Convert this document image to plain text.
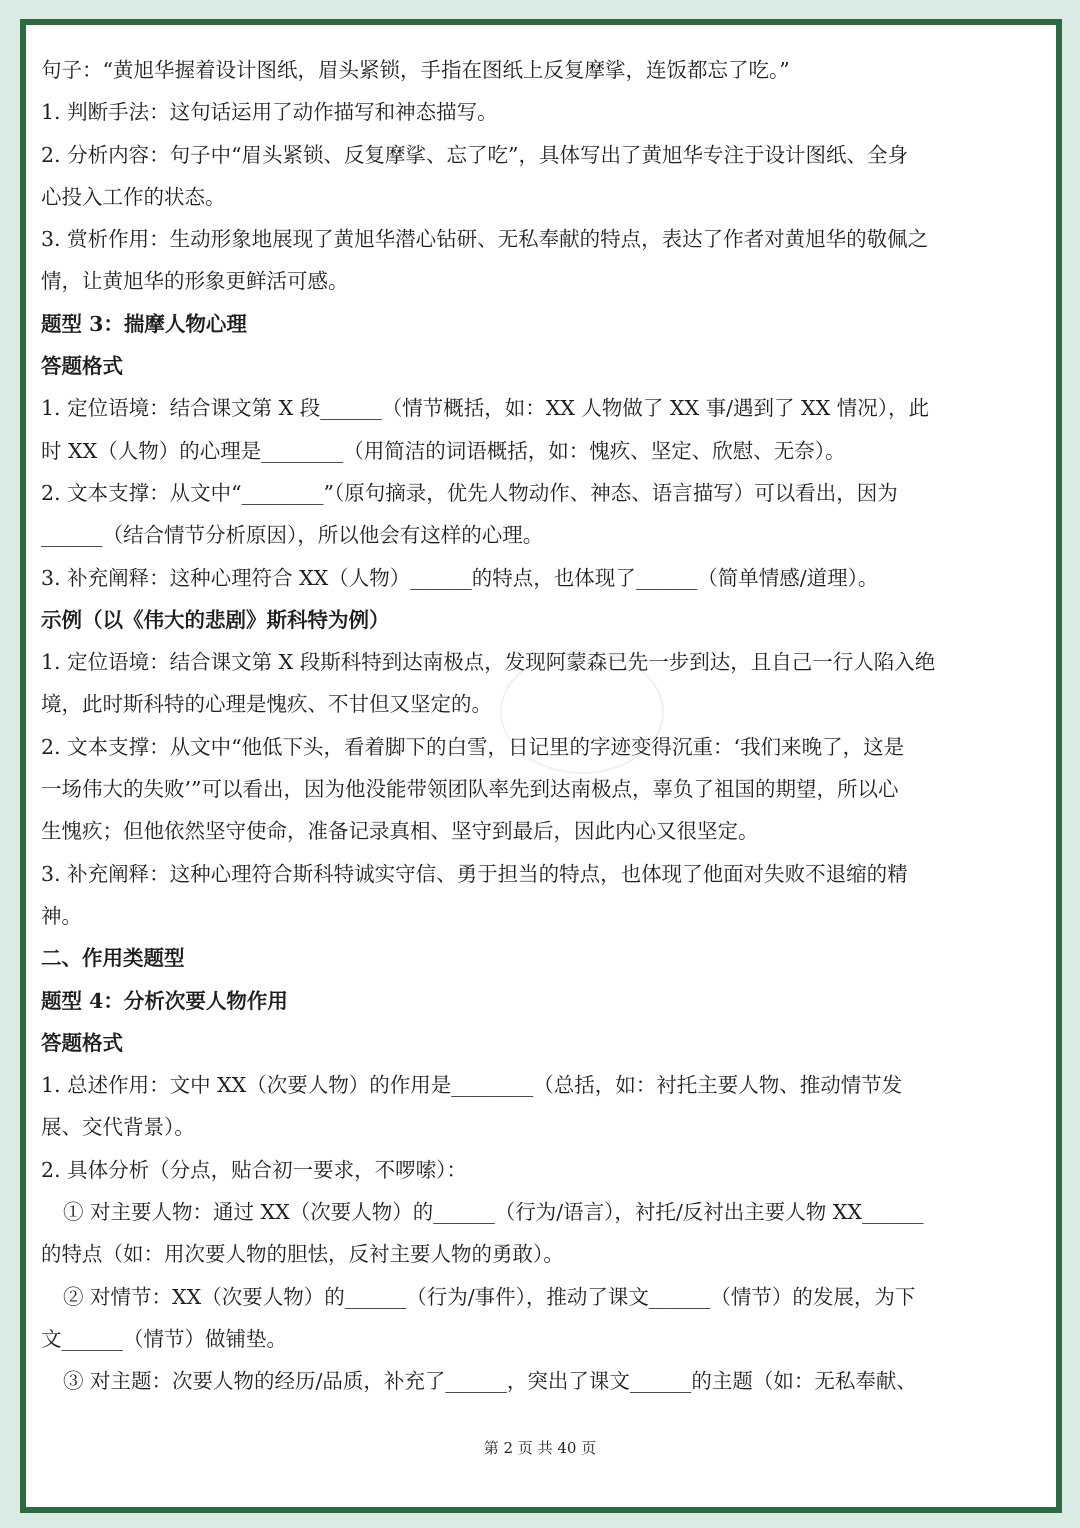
句子：“黄旭华握着设计图纸，眉头紧锁，手指在图纸上反复摩挲，连饭都忘了吃。”

1. 判断手法：这句话运用了动作描写和神态描写。

2. 分析内容：句子中“眉头紧锁、反复摩挲、忘了吃”，具体写出了黄旭华专注于设计图纸、全身

心投入工作的状态。

3. 赏析作用：生动形象地展现了黄旭华潜心钻研、无私奉献的特点，表达了作者对黄旭华的敬佩之

情，让黄旭华的形象更鲜活可感。

题型 3：揣摩人物心理

答题格式

1. 定位语境：结合课文第 X 段______（情节概括，如：XX 人物做了 XX 事/遇到了 XX 情况），此

时 XX（人物）的心理是________（用简洁的词语概括，如：愧疚、坚定、欣慰、无奈）。

2. 文本支撑：从文中“________”（原句摘录，优先人物动作、神态、语言描写）可以看出，因为

______（结合情节分析原因），所以他会有这样的心理。

3. 补充阐释：这种心理符合 XX（人物）______的特点，也体现了______（简单情感/道理）。

示例（以《伟大的悲剧》斯科特为例）

1. 定位语境：结合课文第 X 段斯科特到达南极点，发现阿蒙森已先一步到达，且自己一行人陷入绝

境，此时斯科特的心理是愧疚、不甘但又坚定的。

2. 文本支撑：从文中“他低下头，看着脚下的白雪，日记里的字迹变得沉重：‘我们来晚了，这是

一场伟大的失败’”可以看出，因为他没能带领团队率先到达南极点，辜负了祖国的期望，所以心

生愧疚；但他依然坚守使命，准备记录真相、坚守到最后，因此内心又很坚定。

3. 补充阐释：这种心理符合斯科特诚实守信、勇于担当的特点，也体现了他面对失败不退缩的精

神。

二、作用类题型

题型 4：分析次要人物作用

答题格式

1. 总述作用：文中 XX（次要人物）的作用是________（总括，如：衬托主要人物、推动情节发

展、交代背景）。

2. 具体分析（分点，贴合初一要求，不啰嗦）：

① 对主要人物：通过 XX（次要人物）的______（行为/语言），衬托/反衬出主要人物 XX______

的特点（如：用次要人物的胆怯，反衬主要人物的勇敢）。

② 对情节：XX（次要人物）的______（行为/事件），推动了课文______（情节）的发展，为下

文______（情节）做铺垫。

③ 对主题：次要人物的经历/品质，补充了______，突出了课文______的主题（如：无私奉献、

第 2 页 共 40 页
